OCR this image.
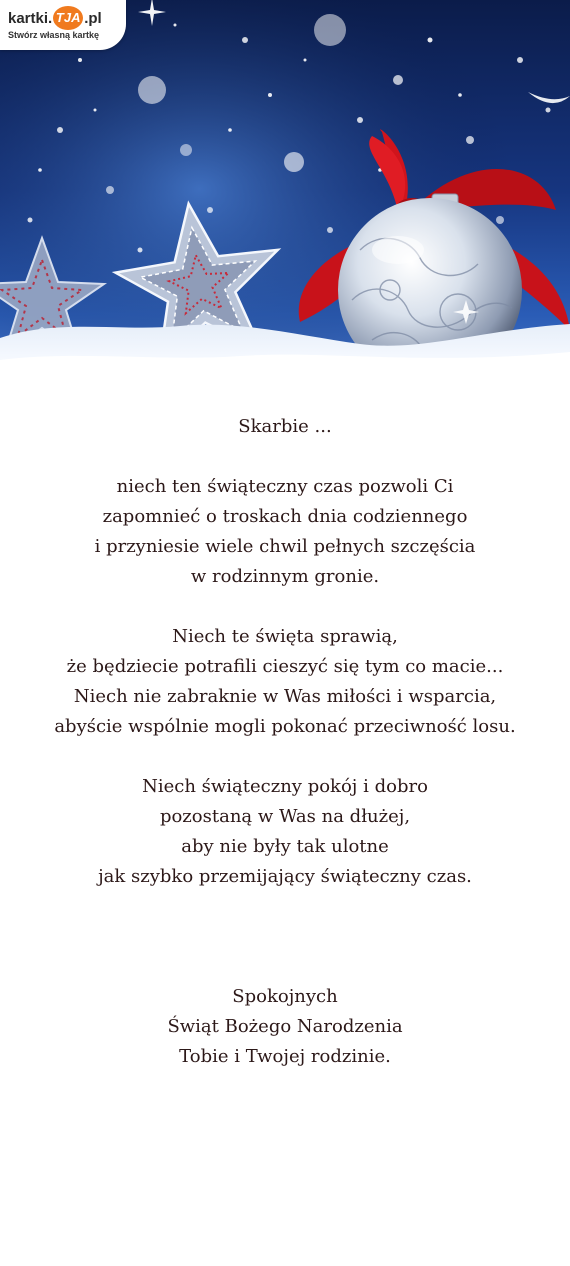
kartki. TJA .pl
Stwórz własną kartkę
Skarbie ...
niech ten świąteczny czas pozwoli Ci
zapomnieć o troskach dnia codziennego
i przyniesie wiele chwil pełnych szczęścia
w rodzinnym gronie.
Niech te święta sprawią,
że będziecie potrafili cieszyć się tym co macie...
Niech nie zabraknie w Was miłości i wsparcia,
abyście wspólnie mogli pokonać przeciwność losu.
Niech świąteczny pokój i dobro
pozostaną w Was na dłużej,
aby nie były tak ulotne
jak szybko przemijający świąteczny czas.
Spokojnych
Świąt Bożego Narodzenia
Tobie i Twojej rodzinie.
